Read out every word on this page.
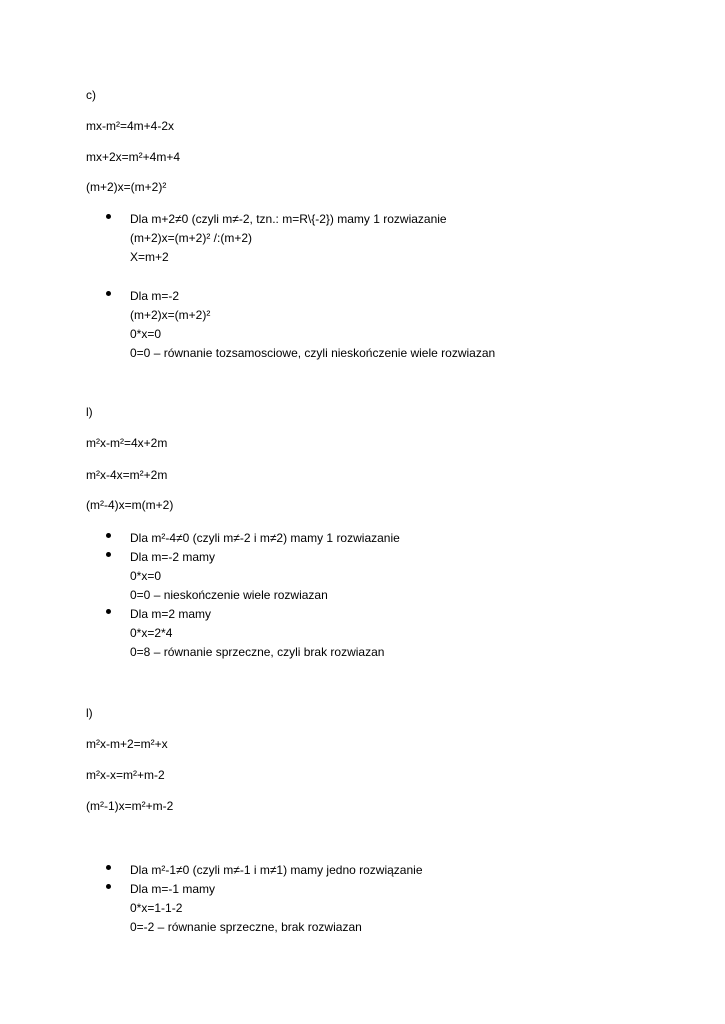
c)
mx-m²=4m+4-2x
mx+2x=m²+4m+4
(m+2)x=(m+2)²
Dla m+2≠0 (czyli m≠-2, tzn.: m=R\{-2}) mamy 1 rozwiazanie
(m+2)x=(m+2)² /:(m+2)
X=m+2
Dla m=-2
(m+2)x=(m+2)²
0*x=0
0=0 – równanie tozsamosciowe, czyli nieskończenie wiele rozwiazan
l)
m²x-m²=4x+2m
m²x-4x=m²+2m
(m²-4)x=m(m+2)
Dla m²-4≠0 (czyli m≠-2 i m≠2) mamy 1 rozwiazanie
Dla m=-2 mamy
0*x=0
0=0 – nieskończenie wiele rozwiazan
Dla m=2 mamy
0*x=2*4
0=8 – równanie sprzeczne, czyli brak rozwiazan
l)
m²x-m+2=m²+x
m²x-x=m²+m-2
(m²-1)x=m²+m-2
Dla m²-1≠0 (czyli m≠-1 i m≠1) mamy jedno rozwiązanie
Dla m=-1 mamy
0*x=1-1-2
0=-2 – równanie sprzeczne, brak rozwiazan
